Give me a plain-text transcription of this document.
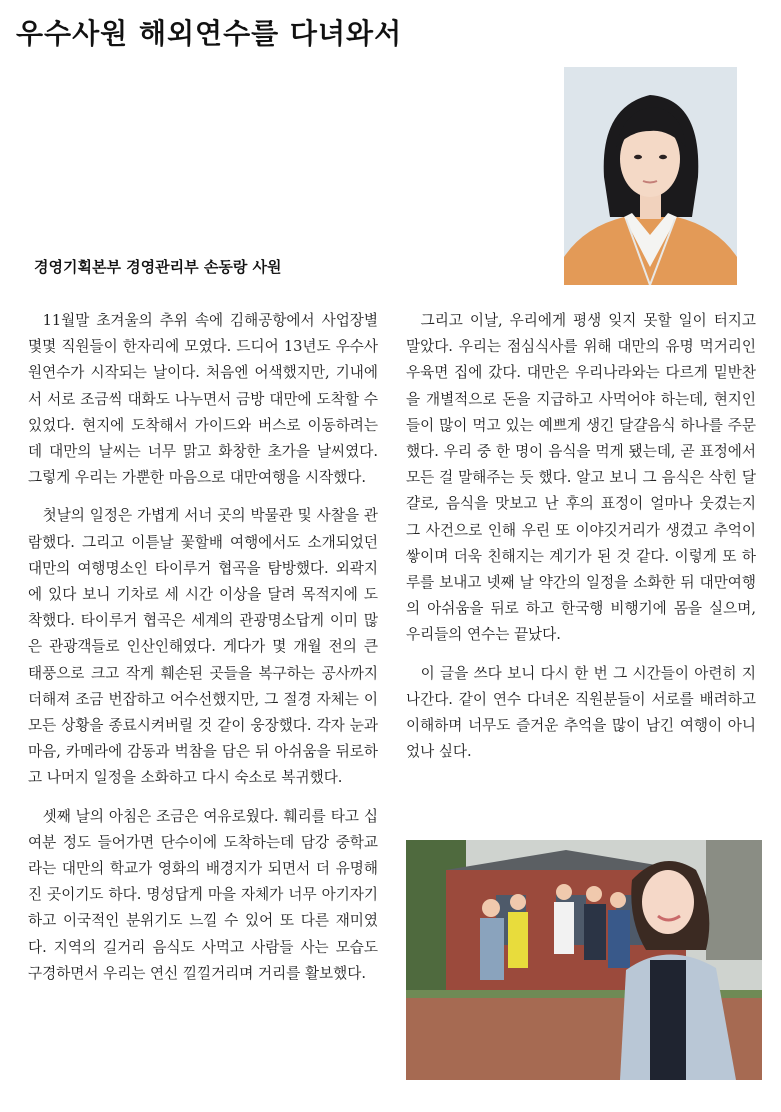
우수사원 해외연수를 다녀와서
경영기획본부 경영관리부 손동랑 사원

11월말 초겨울의 추위 속에 김해공항에서 사업장별 몇몇 직원들이 한자리에 모였다. 드디어 13년도 우수사원연수가 시작되는 날이다. 처음엔 어색했지만, 기내에서 서로 조금씩 대화도 나누면서 금방 대만에 도착할 수 있었다. 현지에 도착해서 가이드와 버스로 이동하려는데 대만의 날씨는 너무 맑고 화창한 초가을 날씨였다. 그렇게 우리는 가뿐한 마음으로 대만여행을 시작했다.

첫날의 일정은 가볍게 서너 곳의 박물관 및 사찰을 관람했다. 그리고 이튿날 꽃할배 여행에서도 소개되었던 대만의 여행명소인 타이루거 협곡을 탐방했다. 외곽지에 있다 보니 기차로 세 시간 이상을 달려 목적지에 도착했다. 타이루거 협곡은 세계의 관광명소답게 이미 많은 관광객들로 인산인해였다. 게다가 몇 개월 전의 큰 태풍으로 크고 작게 훼손된 곳들을 복구하는 공사까지 더해져 조금 번잡하고 어수선했지만, 그 절경 자체는 이 모든 상황을 종료시켜버릴 것 같이 웅장했다. 각자 눈과 마음, 카메라에 감동과 벅참을 담은 뒤 아쉬움을 뒤로하고 나머지 일정을 소화하고 다시 숙소로 복귀했다.

셋째 날의 아침은 조금은 여유로웠다. 훼리를 타고 십여분 정도 들어가면 단수이에 도착하는데 담강 중학교라는 대만의 학교가 영화의 배경지가 되면서 더 유명해진 곳이기도 하다. 명성답게 마을 자체가 너무 아기자기하고 이국적인 분위기도 느낄 수 있어 또 다른 재미였다. 지역의 길거리 음식도 사먹고 사람들 사는 모습도 구경하면서 우리는 연신 낄낄거리며 거리를 활보했다.

그리고 이날, 우리에게 평생 잊지 못할 일이 터지고 말았다. 우리는 점심식사를 위해 대만의 유명 먹거리인 우육면 집에 갔다. 대만은 우리나라와는 다르게 밑반찬을 개별적으로 돈을 지급하고 사먹어야 하는데, 현지인들이 많이 먹고 있는 예쁘게 생긴 달걀음식 하나를 주문했다. 우리 중 한 명이 음식을 먹게 됐는데, 곧 표정에서 모든 걸 말해주는 듯 했다. 알고 보니 그 음식은 삭힌 달걀로, 음식을 맛보고 난 후의 표정이 얼마나 웃겼는지 그 사건으로 인해 우린 또 이야깃거리가 생겼고 추억이 쌓이며 더욱 친해지는 계기가 된 것 같다. 이렇게 또 하루를 보내고 넷째 날 약간의 일정을 소화한 뒤 대만여행의 아쉬움을 뒤로 하고 한국행 비행기에 몸을 실으며, 우리들의 연수는 끝났다.

이 글을 쓰다 보니 다시 한 번 그 시간들이 아련히 지나간다. 같이 연수 다녀온 직원분들이 서로를 배려하고 이해하며 너무도 즐거운 추억을 많이 남긴 여행이 아니었나 싶다.
